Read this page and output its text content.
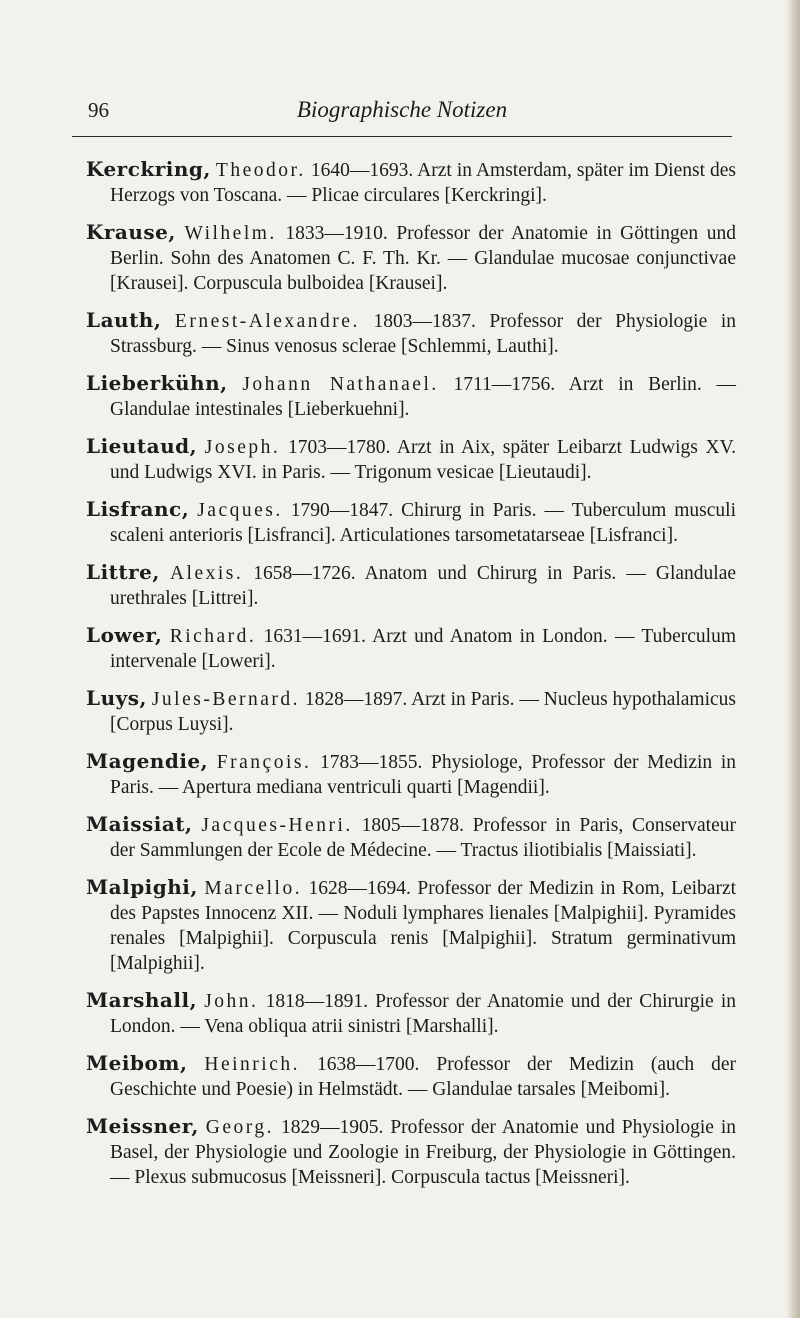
96	Biographische Notizen

Kerckring, Theodor. 1640—1693. Arzt in Amsterdam, später im Dienst des Herzogs von Toscana. — Plicae circulares [Kerckringi].

Krause, Wilhelm. 1833—1910. Professor der Anatomie in Göttingen und Berlin. Sohn des Anatomen C. F. Th. Kr. — Glandulae mucosae conjunctivae [Krausei]. Corpuscula bulboidea [Krausei].

Lauth, Ernest-Alexandre. 1803—1837. Professor der Physiologie in Strassburg. — Sinus venosus sclerae [Schlemmi, Lauthi].

Lieberkühn, Johann Nathanael. 1711—1756. Arzt in Berlin. — Glandulae intestinales [Lieberkuehni].

Lieutaud, Joseph. 1703—1780. Arzt in Aix, später Leibarzt Ludwigs XV. und Ludwigs XVI. in Paris. — Trigonum vesicae [Lieutaudi].

Lisfranc, Jacques. 1790—1847. Chirurg in Paris. — Tuberculum musculi scaleni anterioris [Lisfranci]. Articulationes tarsometatarseae [Lisfranci].

Littre, Alexis. 1658—1726. Anatom und Chirurg in Paris. — Glandulae urethrales [Littrei].

Lower, Richard. 1631—1691. Arzt und Anatom in London. — Tuberculum intervenale [Loweri].

Luys, Jules-Bernard. 1828—1897. Arzt in Paris. — Nucleus hypothalamicus [Corpus Luysi].

Magendie, François. 1783—1855. Physiologe, Professor der Medizin in Paris. — Apertura mediana ventriculi quarti [Magendii].

Maissiat, Jacques-Henri. 1805—1878. Professor in Paris, Conservateur der Sammlungen der Ecole de Médecine. — Tractus iliotibialis [Maissiati].

Malpighi, Marcello. 1628—1694. Professor der Medizin in Rom, Leibarzt des Papstes Innocenz XII. — Noduli lymphares lienales [Malpighii]. Pyramides renales [Malpighii]. Corpuscula renis [Malpighii]. Stratum germinativum [Malpighii].

Marshall, John. 1818—1891. Professor der Anatomie und der Chirurgie in London. — Vena obliqua atrii sinistri [Marshalli].

Meibom, Heinrich. 1638—1700. Professor der Medizin (auch der Geschichte und Poesie) in Helmstädt. — Glandulae tarsales [Meibomi].

Meissner, Georg. 1829—1905. Professor der Anatomie und Physiologie in Basel, der Physiologie und Zoologie in Freiburg, der Physiologie in Göttingen. — Plexus submucosus [Meissneri]. Corpuscula tactus [Meissneri].
